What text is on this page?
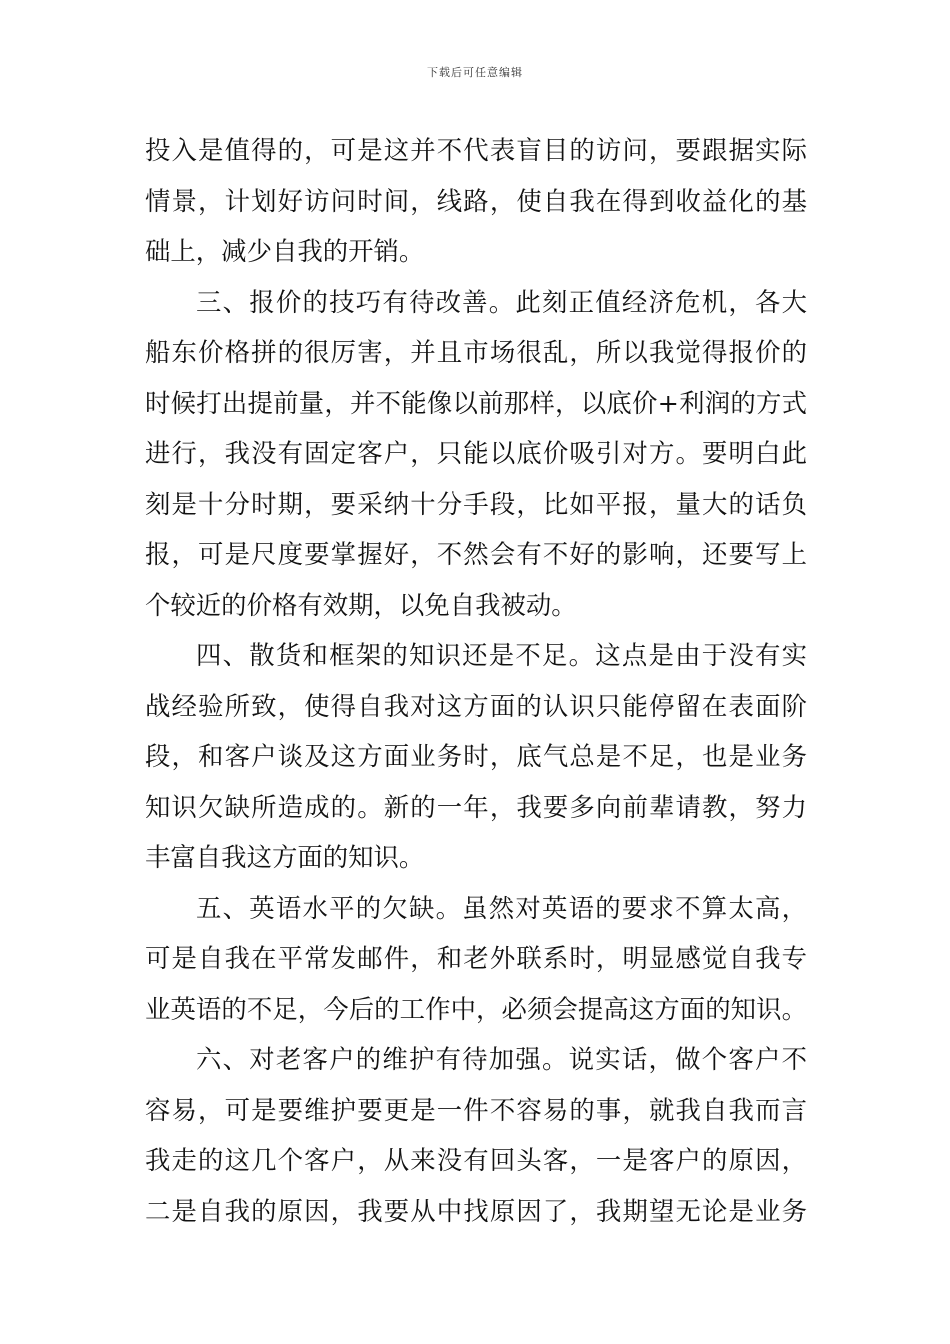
下载后可任意编辑
投入是值得的，可是这并不代表盲目的访问，要跟据实际
情景，计划好访问时间，线路，使自我在得到收益化的基
础上，减少自我的开销。
三、报价的技巧有待改善。此刻正值经济危机，各大
船东价格拼的很厉害，并且市场很乱，所以我觉得报价的
时候打出提前量，并不能像以前那样，以底价+利润的方式
进行，我没有固定客户，只能以底价吸引对方。要明白此
刻是十分时期，要采纳十分手段，比如平报，量大的话负
报，可是尺度要掌握好，不然会有不好的影响，还要写上
个较近的价格有效期，以免自我被动。
四、散货和框架的知识还是不足。这点是由于没有实
战经验所致，使得自我对这方面的认识只能停留在表面阶
段，和客户谈及这方面业务时，底气总是不足，也是业务
知识欠缺所造成的。新的一年，我要多向前辈请教，努力
丰富自我这方面的知识。
五、英语水平的欠缺。虽然对英语的要求不算太高，
可是自我在平常发邮件，和老外联系时，明显感觉自我专
业英语的不足，今后的工作中，必须会提高这方面的知识。
六、对老客户的维护有待加强。说实话，做个客户不
容易，可是要维护要更是一件不容易的事，就我自我而言
我走的这几个客户，从来没有回头客，一是客户的原因，
二是自我的原因，我要从中找原因了，我期望无论是业务
